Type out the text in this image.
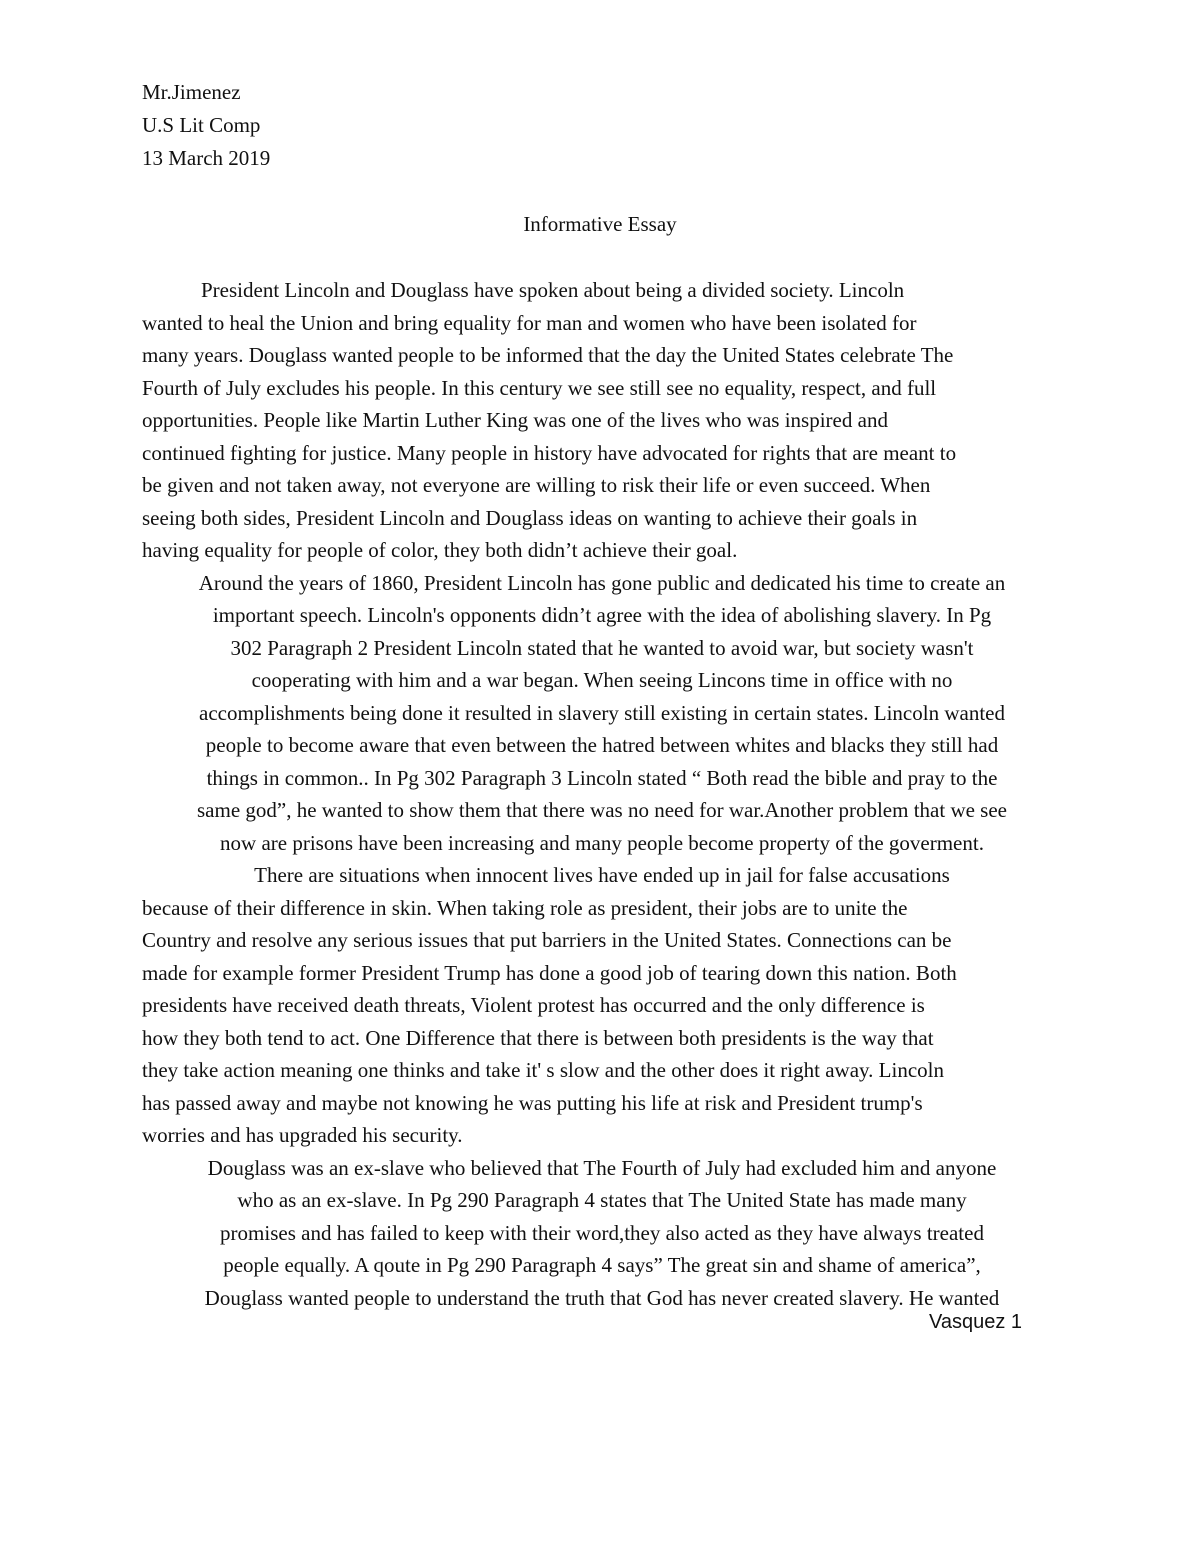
Mr.Jimenez
U.S Lit Comp
13 March 2019
Informative Essay
President Lincoln and Douglass have spoken about being a divided society. Lincoln
wanted to heal the Union and bring equality for man and women who have been isolated for
many years. Douglass wanted people to be informed that the day the United States celebrate The
Fourth of July excludes his people. In this century we see still see no equality, respect, and full
opportunities. People like Martin Luther King was one of the lives who was inspired and
continued fighting for justice. Many people in history have advocated for rights that are meant to
be given and not taken away, not everyone are willing to risk their life or even succeed. When
seeing both sides, President Lincoln and Douglass ideas on wanting to achieve their goals in
having equality for people of color, they both didn’t achieve their goal.
Around the years of 1860, President Lincoln has gone public and dedicated his time to create an
important speech. Lincoln's opponents didn’t agree with the idea of abolishing slavery. In Pg
302 Paragraph 2 President Lincoln stated that he wanted to avoid war, but society wasn't
cooperating with him and a war began. When seeing Lincons time in office with no
accomplishments being done it resulted in slavery still existing in certain states. Lincoln wanted
people to become aware that even between the hatred between whites and blacks they still had
things in common.. In Pg 302 Paragraph 3 Lincoln stated “ Both read the bible and pray to the
same god”, he wanted to show them that there was no need for war.Another problem that we see
now are prisons have been increasing and many people become property of the goverment.
There are situations when innocent lives have ended up in jail for false accusations
because of their difference in skin. When taking role as president, their jobs are to unite the
Country and resolve any serious issues that put barriers in the United States. Connections can be
made for example former President Trump has done a good job of tearing down this nation. Both
presidents have received death threats, Violent protest has occurred and the only difference is
how they both tend to act. One Difference that there is between both presidents is the way that
they take action meaning one thinks and take it' s slow and the other does it right away. Lincoln
has passed away and maybe not knowing he was putting his life at risk and President trump's
worries and has upgraded his security.
Douglass was an ex-slave who believed that The Fourth of July had excluded him and anyone
who as an ex-slave. In Pg 290 Paragraph 4 states that The United State has made many
promises and has failed to keep with their word,they also acted as they have always treated
people equally. A qoute in Pg 290 Paragraph 4 says” The great sin and shame of america”,
Douglass wanted people to understand the truth that God has never created slavery. He wanted
Vasquez 1
